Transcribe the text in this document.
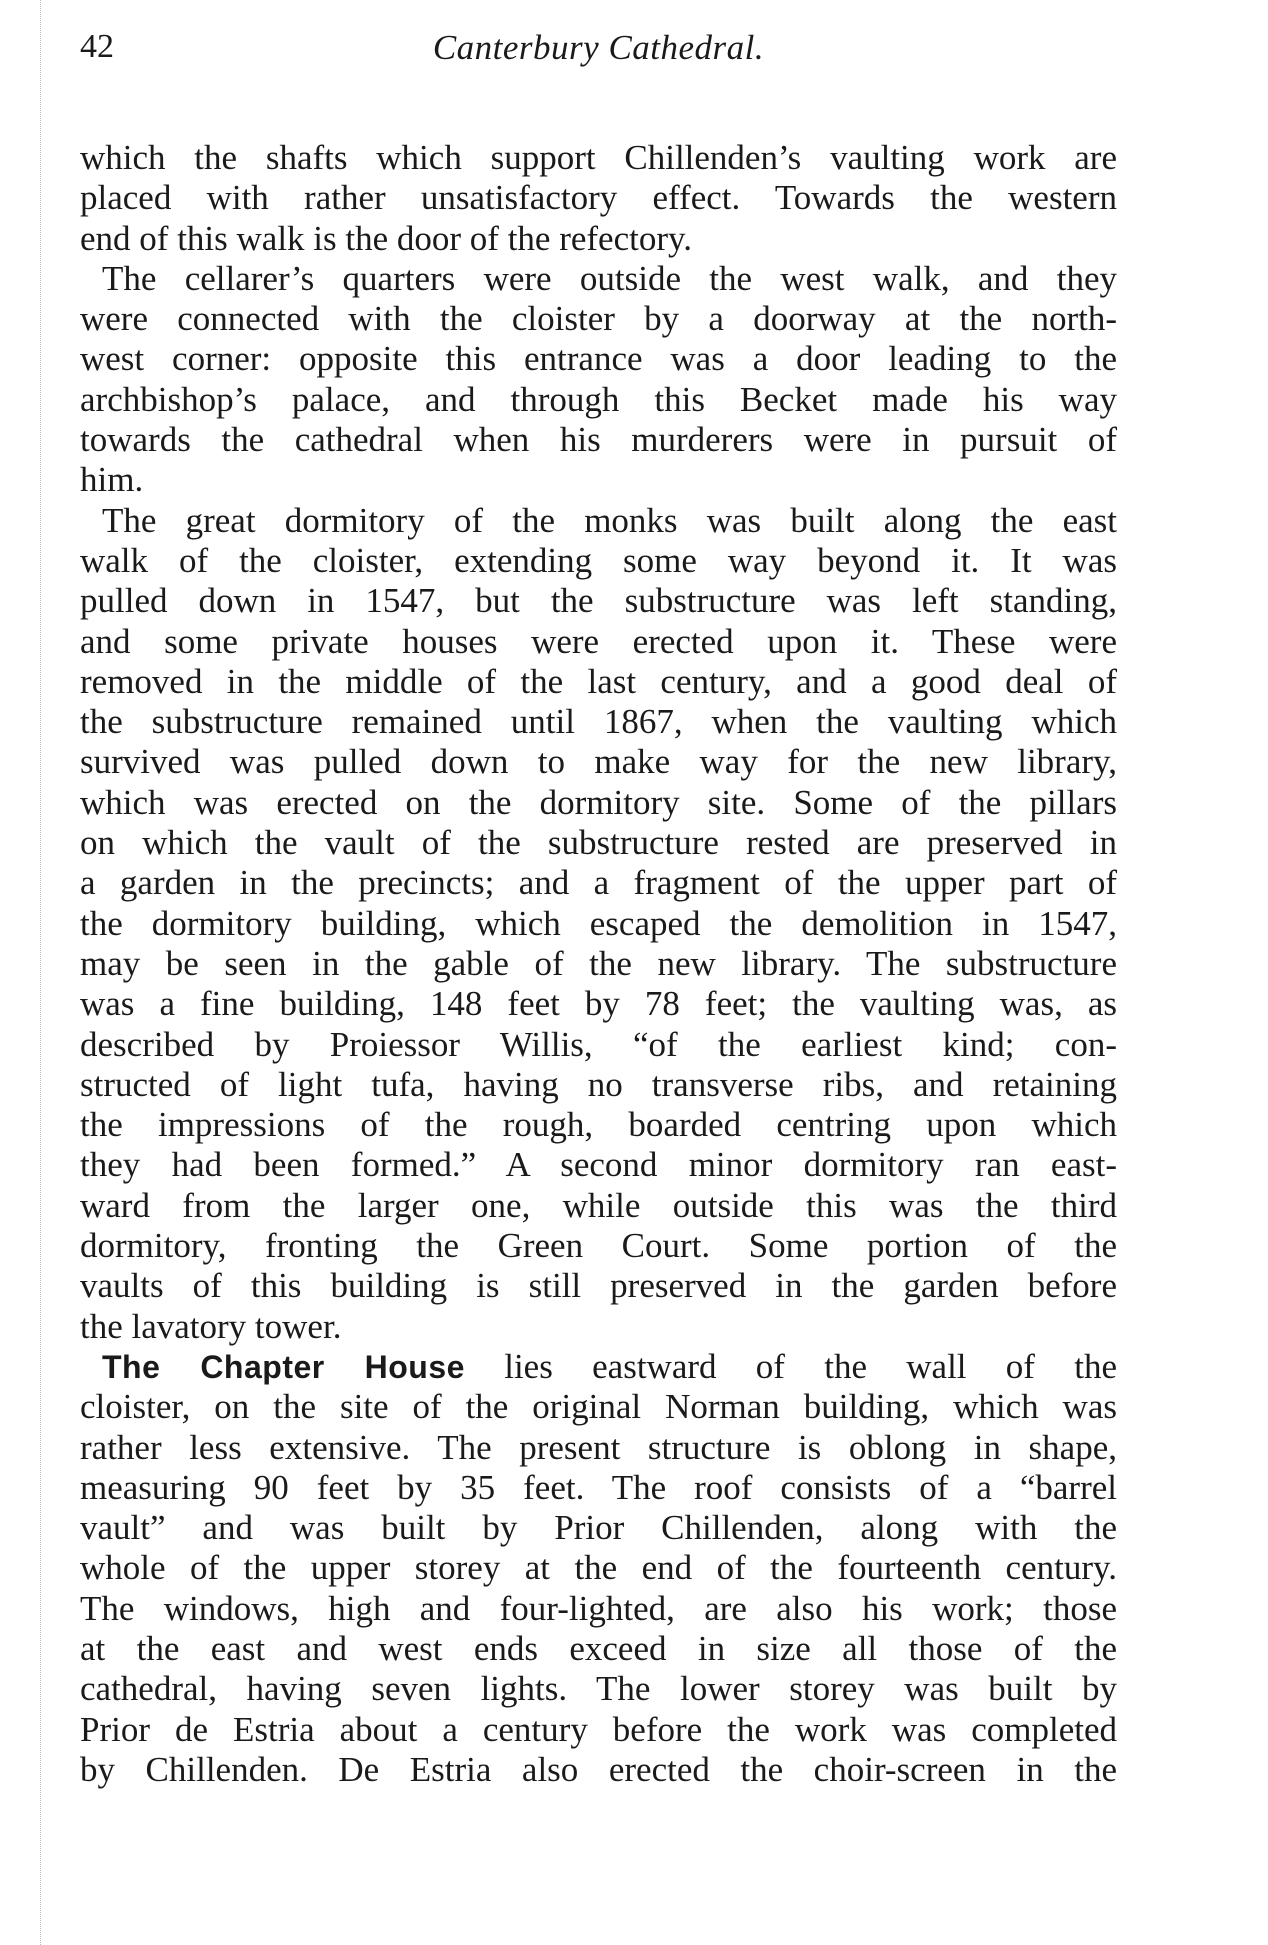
42	Canterbury Cathedral.
which the shafts which support Chillenden’s vaulting work are
placed with rather unsatisfactory effect. Towards the western
end of this walk is the door of the refectory.
The cellarer’s quarters were outside the west walk, and they
were connected with the cloister by a doorway at the north-
west corner: opposite this entrance was a door leading to the
archbishop’s palace, and through this Becket made his way
towards the cathedral when his murderers were in pursuit of
him.
The great dormitory of the monks was built along the east
walk of the cloister, extending some way beyond it. It was
pulled down in 1547, but the substructure was left standing,
and some private houses were erected upon it. These were
removed in the middle of the last century, and a good deal of
the substructure remained until 1867, when the vaulting which
survived was pulled down to make way for the new library,
which was erected on the dormitory site. Some of the pillars
on which the vault of the substructure rested are preserved in
a garden in the precincts; and a fragment of the upper part of
the dormitory building, which escaped the demolition in 1547,
may be seen in the gable of the new library. The substructure
was a fine building, 148 feet by 78 feet; the vaulting was, as
described by Proiessor Willis, “of the earliest kind; con-
structed of light tufa, having no transverse ribs, and retaining
the impressions of the rough, boarded centring upon which
they had been formed.” A second minor dormitory ran east-
ward from the larger one, while outside this was the third
dormitory, fronting the Green Court. Some portion of the
vaults of this building is still preserved in the garden before
the lavatory tower.
The Chapter House lies eastward of the wall of the
cloister, on the site of the original Norman building, which was
rather less extensive. The present structure is oblong in shape,
measuring 90 feet by 35 feet. The roof consists of a “barrel
vault” and was built by Prior Chillenden, along with the
whole of the upper storey at the end of the fourteenth century.
The windows, high and four-lighted, are also his work; those
at the east and west ends exceed in size all those of the
cathedral, having seven lights. The lower storey was built by
Prior de Estria about a century before the work was completed
by Chillenden. De Estria also erected the choir-screen in the
